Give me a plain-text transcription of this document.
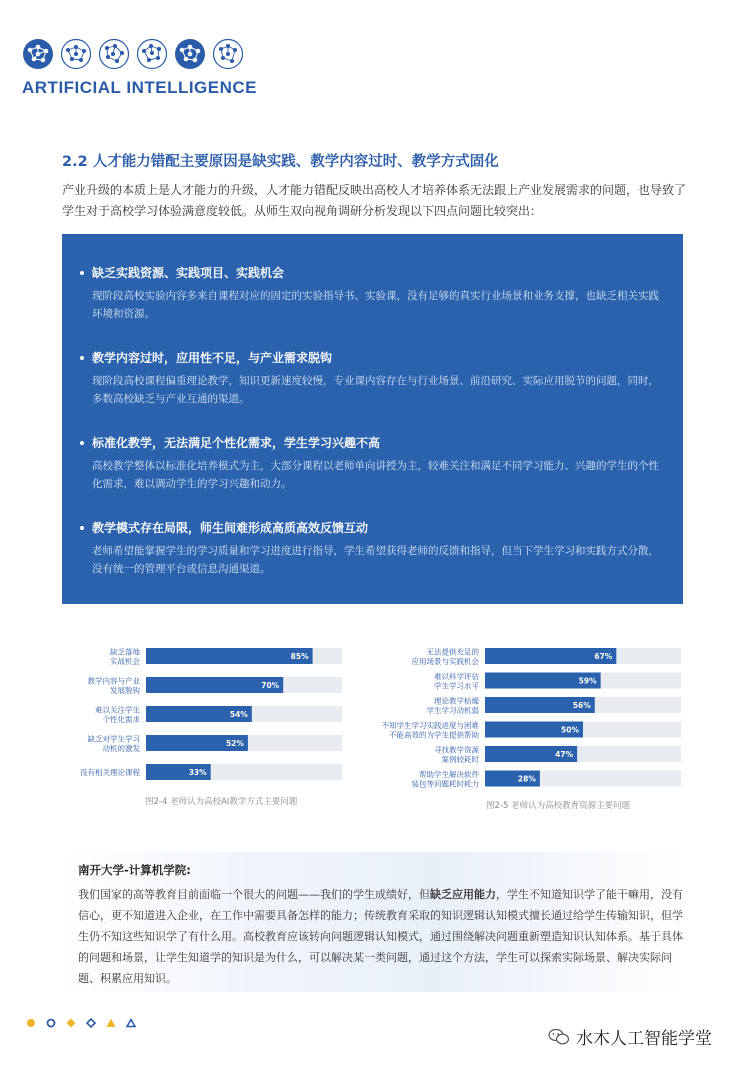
ARTIFICIAL INTELLIGENCE
2.2 人才能力错配主要原因是缺实践、教学内容过时、教学方式固化
产业升级的本质上是人才能力的升级，人才能力错配反映出高校人才培养体系无法跟上产业发展需求的问题，也导致了学生对于高校学习体验满意度较低。从师生双向视角调研分析发现以下四点问题比较突出：
缺乏实践资源、实践项目、实践机会
现阶段高校实验内容多来自课程对应的固定的实验指导书、实验课，没有足够的真实行业场景和业务支撑，也缺乏相关实践环境和资源。
教学内容过时，应用性不足，与产业需求脱钩
现阶段高校课程偏重理论教学，知识更新速度较慢，专业课内容存在与行业场景、前沿研究、实际应用脱节的问题，同时，多数高校缺乏与产业互通的渠道。
标准化教学，无法满足个性化需求，学生学习兴趣不高
高校教学整体以标准化培养模式为主，大部分课程以老师单向讲授为主，较难关注和满足不同学习能力、兴趣的学生的个性化需求，难以调动学生的学习兴趣和动力。
教学模式存在局限，师生间难形成高质高效反馈互动
老师希望能掌握学生的学习质量和学习进度进行指导，学生希望获得老师的反馈和指导，但当下学生学习和实践方式分散，没有统一的管理平台或信息沟通渠道。
85%
缺乏落地
实战机会
70%
教学内容与产业
发展脱钩
54%
难以关注学生
个性化需求
52%
缺乏对学生学习
动机的激发
33%
没有相关理论课程
图2-4 老师认为高校AI教学方式主要问题
67%
无法提供充足的
应用场景与实践机会
59%
难以科学评估
学生学习水平
56%
理论教学枯燥
学生学习动机弱
50%
不知学生学习实践进度与困难
不能高效的为学生提供帮助
47%
寻找教学资源
案例较耗时
28%
帮助学生解决软件
装包等问题耗时耗力
图2-5 老师认为高校教育资源主要问题
南开大学-计算机学院:
我们国家的高等教育目前面临一个很大的问题——我们的学生成绩好，但缺乏应用能力，学生不知道知识学了能干嘛用，没有信心，更不知道进入企业，在工作中需要具备怎样的能力；传统教育采取的知识逻辑认知模式擅长通过给学生传输知识，但学生仍不知这些知识学了有什么用。高校教育应该转向问题逻辑认知模式，通过围绕解决问题重新塑造知识认知体系。基于具体的问题和场景，让学生知道学的知识是为什么，可以解决某一类问题，通过这个方法，学生可以探索实际场景、解决实际问题、积累应用知识。
水木人工智能学堂
